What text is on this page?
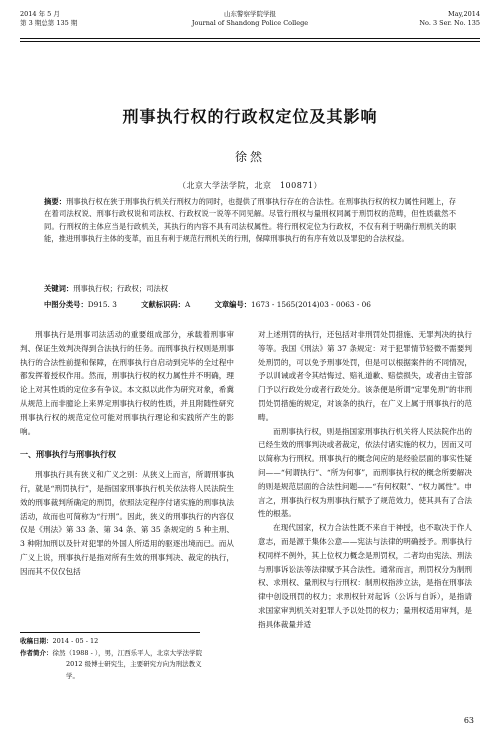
2014 年 5 月
第 3 期总第 135 期
山东警察学院学报
Journal of Shandong Police College
May,2014
No. 3 Ser. No. 135
刑事执行权的行政权定位及其影响
徐然
（北京大学法学院，北京　100871）
摘要：刑事执行权在狭于刑事执行机关行刑权力的同时，也提供了刑事执行存在的合法性。在刑事执行权的权力属性问题上，存在着司法权说、刑事行政权说和司法权、行政权说一说等不同见解。尽管行刑权与量刑权同属于刑罚权的范畴，但性质截然不同。行刑权的主体应当是行政机关，其执行的内容不具有司法权属性。将行刑权定位为行政权，不仅有利于明确行刑机关的职能，推进刑事执行主体的变革，而且有利于规范行刑机关的行刑，保障刑事执行的有序有效以及罪犯的合法权益。
关键词：刑事执行权；行政权；司法权
中图分类号：D915. 3	文献标识码：A	文章编号：1673 - 1565(2014)03 - 0063 - 06

刑事执行是刑事司法活动的重要组成部分，承载着刑事审判、保证生效判决得到合法执行的任务。而刑事执行权则是刑事执行的合法性前提和保障，在刑事执行自启动到完毕的全过程中都发挥着授权作用。然而，刑事执行权的权力属性并不明确，理论上对其性质的定位多有争议。本文拟以此作为研究对象，希冀从规范上而非臆论上来界定刑事执行权的性质，并且附随性研究刑事执行权的规范定位可能对刑事执行理论和实践所产生的影响。

一、刑事执行与刑事执行权

刑事执行具有狭义和广义之别：从狭义上而言，所谓刑事执行，就是“刑罚执行”，是指国家刑事执行机关依法将人民法院生效的刑事裁判所确定的刑罚，依照法定程序付诸实施的刑事执法活动，故而也可简称为“行刑”。因此，狭义的刑事执行的内容仅仅是《刑法》第 33 条、第 34 条、第 35 条规定的 5 种主刑、3 种附加刑以及针对犯罪的外国人所适用的驱逐出境而已。而从广义上说，刑事执行是指对所有生效的刑事判决、裁定的执行，因而其不仅仅包括

对上述刑罚的执行，还包括对非刑罚处罚措施、无罪判决的执行等等。我国《刑法》第 37 条规定：对于犯罪情节轻微不需要判处刑罚的，可以免予刑事处罚，但是可以根据案件的不同情况，予以训诫或者令其结悔过、赔礼道歉、赔偿损失，或者由主管部门予以行政处分或者行政处分。该条便是所谓“定罪免刑”的非刑罚处罚措施的规定，对该条的执行，在广义上属于刑事执行的范畴。

而刑事执行权，则是指国家刑事执行机关将人民法院作出的已经生效的刑事判决或者裁定，依法付诸实施的权力，因而又可以简称为行刑权。刑事执行的概念间应的是经验层面的事实性疑问——“何谓执行”、“所为何事”，而刑事执行权的概念所要解决的则是规范层面的合法性问题——“有何权限”、“权力属性”。申言之，刑事执行权为刑事执行赋予了规范效力，使其具有了合法性的根基。

在现代国家，权力合法性既不来自于神授，也不取决于作人意志，而是源于集体公意——宪法与法律的明确授予。刑事执行权同样不例外，其上位权力概念是刑罚权，二者均由宪法、刑法与刑事诉讼法等法律赋予其合法性。通常而言，刑罚权分为制刑权、求刑权、量刑权与行刑权：制刑权指涉立法，是指在刑事法律中创设刑罚的权力；求刑权针对起诉（公诉与自诉），是指请求国家审判机关对犯罪人予以处罚的权力；量刑权适用审判，是指具体裁量并适

收稿日期：2014 - 05 - 12
作者简介：徐然（1988 - ），男，江西乐平人，北京大学法学院
2012 级博士研究生，主要研究方向为刑法教义
学。
63
